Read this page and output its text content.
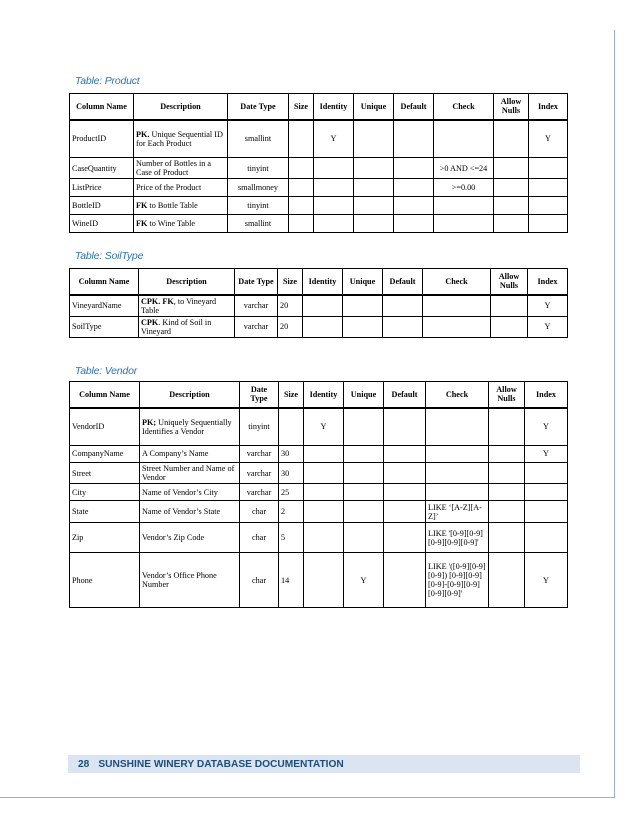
Table: Product
Column Name	Description	Date Type	Size	Identity	Unique	Default	Check	Allow Nulls	Index
ProductID	PK. Unique Sequential ID for Each Product	smallint		Y					Y
CaseQuantity	Number of Bottles in a Case of Product	tinyint					>0 AND <=24		
ListPrice	Price of the Product	smallmoney					>=0.00		
BottleID	FK to Bottle Table	tinyint							
WineID	FK to Wine Table	smallint							
Table: SoilType
Column Name	Description	Date Type	Size	Identity	Unique	Default	Check	Allow Nulls	Index
VineyardName	CPK. FK, to Vineyard Table	varchar	20						Y
SoilType	CPK. Kind of Soil in Vineyard	varchar	20						Y
Table: Vendor
Column Name	Description	Date Type	Size	Identity	Unique	Default	Check	Allow Nulls	Index
VendorID	PK; Uniquely Sequentially Identifies a Vendor	tinyint		Y					Y
CompanyName	A Company’s Name	varchar	30						Y
Street	Street Number and Name of Vendor	varchar	30						
City	Name of Vendor’s City	varchar	25						
State	Name of Vendor’s State	char	2				LIKE ‘[A-Z][A-Z]’		
Zip	Vendor’s Zip Code	char	5				LIKE '[0-9][0-9] [0-9][0-9][0-9]'		
Phone	Vendor’s Office Phone Number	char	14		Y		LIKE '([0-9][0-9][0-9]) [0-9][0-9][0-9]-[0-9][0-9][0-9][0-9]'		Y
28 SUNSHINE WINERY DATABASE DOCUMENTATION
